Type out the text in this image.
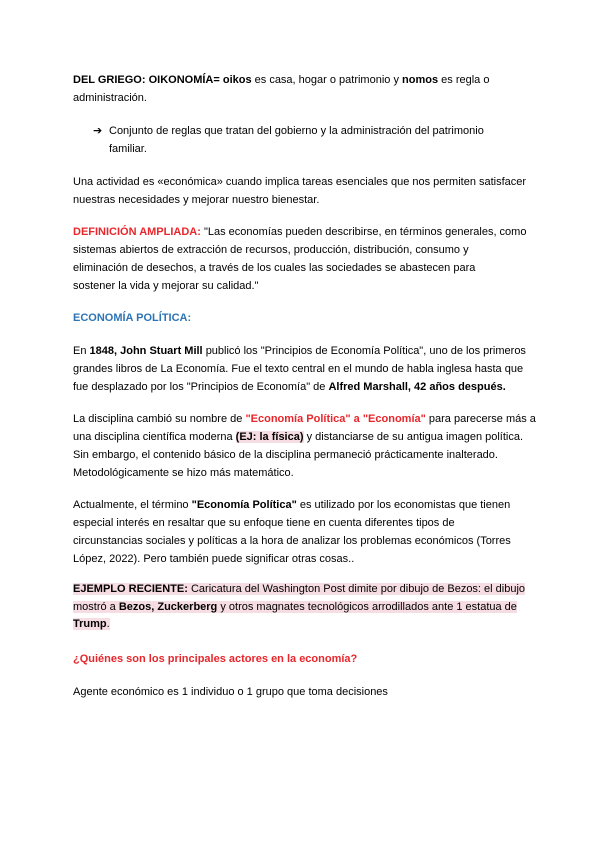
DEL GRIEGO: OIKONOMÍA= oikos es casa, hogar o patrimonio y nomos es regla o
administración.
➔ Conjunto de reglas que tratan del gobierno y la administración del patrimonio
familiar.
Una actividad es «económica» cuando implica tareas esenciales que nos permiten satisfacer
nuestras necesidades y mejorar nuestro bienestar.
DEFINICIÓN AMPLIADA: "Las economías pueden describirse, en términos generales, como
sistemas abiertos de extracción de recursos, producción, distribución, consumo y
eliminación de desechos, a través de los cuales las sociedades se abastecen para
sostener la vida y mejorar su calidad."
ECONOMÍA POLÍTICA:
En 1848, John Stuart Mill publicó los "Principios de Economía Política", uno de los primeros
grandes libros de La Economía. Fue el texto central en el mundo de habla inglesa hasta que
fue desplazado por los "Principios de Economía" de Alfred Marshall, 42 años después.
La disciplina cambió su nombre de "Economía Política" a "Economía" para parecerse más a
una disciplina científica moderna (EJ: la física) y distanciarse de su antigua imagen política.
Sin embargo, el contenido básico de la disciplina permaneció prácticamente inalterado.
Metodológicamente se hizo más matemático.
Actualmente, el término "Economía Política" es utilizado por los economistas que tienen
especial interés en resaltar que su enfoque tiene en cuenta diferentes tipos de
circunstancias sociales y políticas a la hora de analizar los problemas económicos (Torres
López, 2022). Pero también puede significar otras cosas..
EJEMPLO RECIENTE: Caricatura del Washington Post dimite por dibujo de Bezos: el dibujo
mostró a Bezos, Zuckerberg y otros magnates tecnológicos arrodillados ante 1 estatua de
Trump.
¿Quiénes son los principales actores en la economía?
Agente económico es 1 individuo o 1 grupo que toma decisiones
